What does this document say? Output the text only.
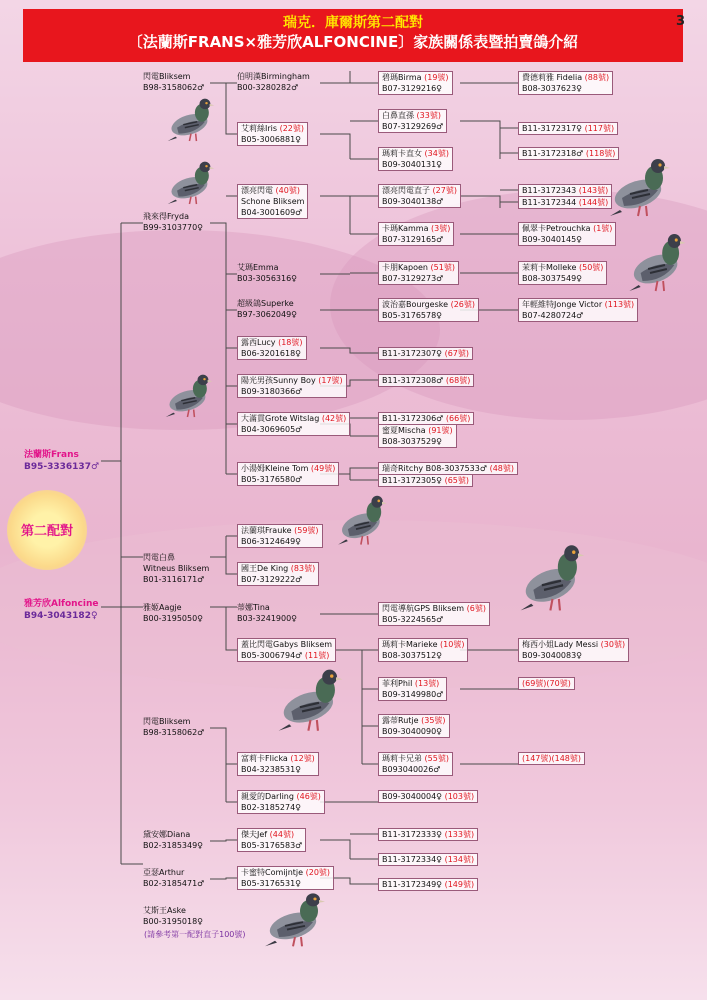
瑞克．庫爾斯第二配對
〔法蘭斯FRANS×雅芳欣ALFONCINE〕家族關係表暨拍賣鴿介紹
3
法蘭斯Frans
B95-3336137♂
第二配對
雅芳欣Alfoncine
B94-3043182♀
閃電Bliksem
B98-3158062♂
飛來得Fryda
B99-3103770♀
閃電白鼻
Witneus Bliksem
B01-3116171♂
雅姬Aagje
B00-3195050♀
閃電Bliksem
B98-3158062♂
黛安娜Diana
B02-3185349♀
亞瑟Arthur
B02-3185471♂
艾斯王Aske
B00-3195018♀
伯明漢Birmingham
B00-3280282♂
艾莉絲Iris (22號)
B05-3006881♀
漂亮閃電 (40號)
Schone Bliksem
B04-3001609♂
艾瑪Emma
B03-3056316♀
超級鴿Superke
B97-3062049♀
露西Lucy (18號)
B06-3201618♀
陽光男孩Sunny Boy (17號)
B09-3180366♂
大滿貫Grote Witslag (42號)
B04-3069605♂
小湯姆Kleine Tom (49號)
B05-3176580♂
法蘭琪Frauke (59號)
B06-3124649♀
國王De King (83號)
B07-3129222♂
蒂娜Tina
B03-3241900♀
蓋比閃電Gabys Bliksem
B05-3006794♂ (11號)
富莉卡Flicka (12號)
B04-3238531♀
親愛的Darling (46號)
B02-3185274♀
傑夫Jef (44號)
B05-3176583♂
卡蜜特Comijntje (20號)
B05-3176531♀
碧瑪Birma (19號)
B07-3129216♀
白鼻直孫 (33號)
B07-3129269♂
瑪莉卡直女 (34號)
B09-3040131♀
漂亮閃電直子 (27號)
B09-3040138♂
卡瑪Kamma (3號)
B07-3129165♂
卡朋Kapoen (51號)
B07-3129273♂
波治嘉Bourgeske (26號)
B05-3176578♀
B11-3172307♀ (67號)
B11-3172308♂ (68號)
B11-3172306♂ (66號)
蜜夏Mischa (91號)
B08-3037529♀
瑞奇Ritchy B08-3037533♂ (48號)
B11-3172305♀ (65號)
閃電導航GPS Bliksem (6號)
B05-3224565♂
瑪莉卡Marieke (10號)
B08-3037512♀
菲利Phil (13號)
B09-3149980♂
露蒂Rutje (35號)
B09-3040090♀
瑪莉卡兄弟 (55號)
B093040026♂
B09-3040004♀ (103號)
B11-3172333♀ (133號)
B11-3172334♀ (134號)
B11-3172349♀ (149號)
費德莉雅 Fidelia (88號)
B08-3037623♀
B11-3172317♀ (117號)
B11-3172318♂ (118號)
B11-3172343 (143號)
B11-3172344 (144號)
佩翠卡Petrouchka (1號)
B09-3040145♀
茉莉卡Molleke (50號)
B08-3037549♀
年輕維特Jonge Victor (113號)
B07-4280724♂
梅西小姐Lady Messi (30號)
B09-3040083♀
(69號)(70號)
(147號)(148號)
(請參考第一配對直子100號)
